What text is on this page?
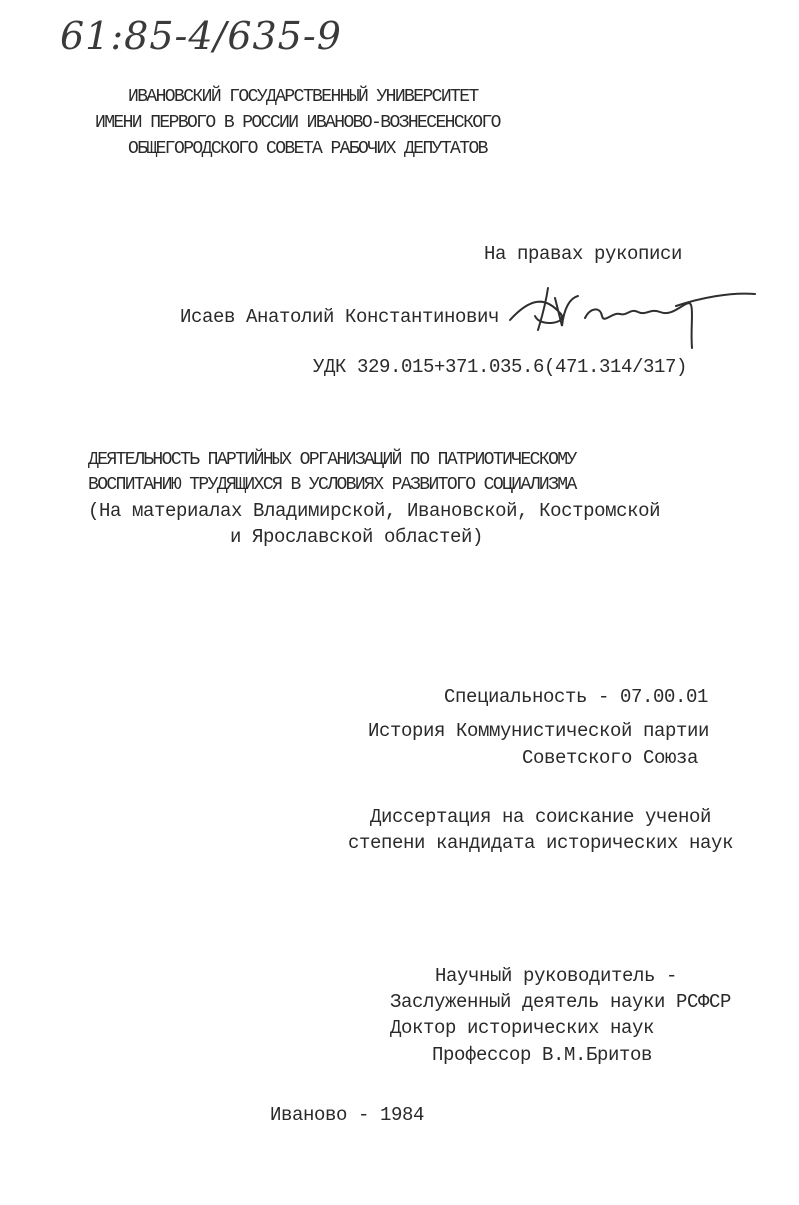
61:85-4/635-9
ИВАНОВСКИЙ ГОСУДАРСТВЕННЫЙ УНИВЕРСИТЕТ
ИМЕНИ ПЕРВОГО В РОССИИ ИВАНОВО-ВОЗНЕСЕНСКОГО
ОБЩЕГОРОДСКОГО СОВЕТА РАБОЧИХ ДЕПУТАТОВ
На правах рукописи
Исаев Анатолий Константинович
УДК 329.015+371.035.6(471.314/317)
ДЕЯТЕЛЬНОСТЬ ПАРТИЙНЫХ ОРГАНИЗАЦИЙ ПО ПАТРИОТИЧЕСКОМУ
ВОСПИТАНИЮ ТРУДЯЩИХСЯ В УСЛОВИЯХ РАЗВИТОГО СОЦИАЛИЗМА
(На материалах Владимирской, Ивановской, Костромской
и Ярославской областей)
Специальность - 07.00.01
История Коммунистической партии
Советского Союза
Диссертация на соискание ученой
степени кандидата исторических наук
Научный руководитель -
Заслуженный деятель науки РСФСР
Доктор исторических наук
Профессор В.М.Бритов
Иваново - 1984
